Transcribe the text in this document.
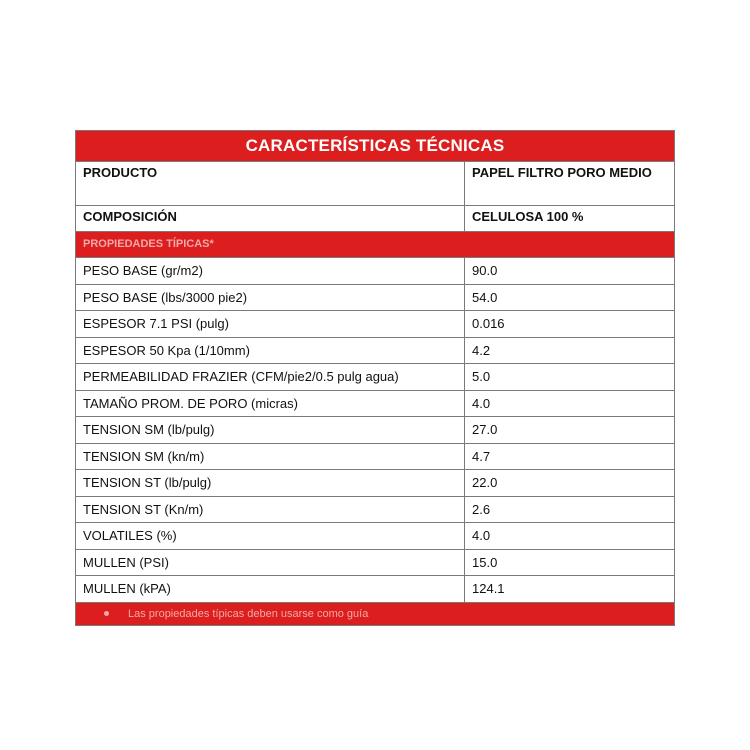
CARACTERÍSTICAS TÉCNICAS
PRODUCTO	PAPEL FILTRO PORO MEDIO
COMPOSICIÓN	CELULOSA 100 %
PROPIEDADES TÍPICAS*
PESO BASE (gr/m2)	90.0
PESO BASE (lbs/3000 pie2)	54.0
ESPESOR 7.1 PSI (pulg)	0.016
ESPESOR 50 Kpa (1/10mm)	4.2
PERMEABILIDAD FRAZIER (CFM/pie2/0.5 pulg agua)	5.0
TAMAÑO PROM. DE PORO (micras)	4.0
TENSION SM (lb/pulg)	27.0
TENSION SM (kn/m)	4.7
TENSION ST (lb/pulg)	22.0
TENSION ST (Kn/m)	2.6
VOLATILES (%)	4.0
MULLEN (PSI)	15.0
MULLEN (kPA)	124.1
Las propiedades típicas deben usarse como guía
